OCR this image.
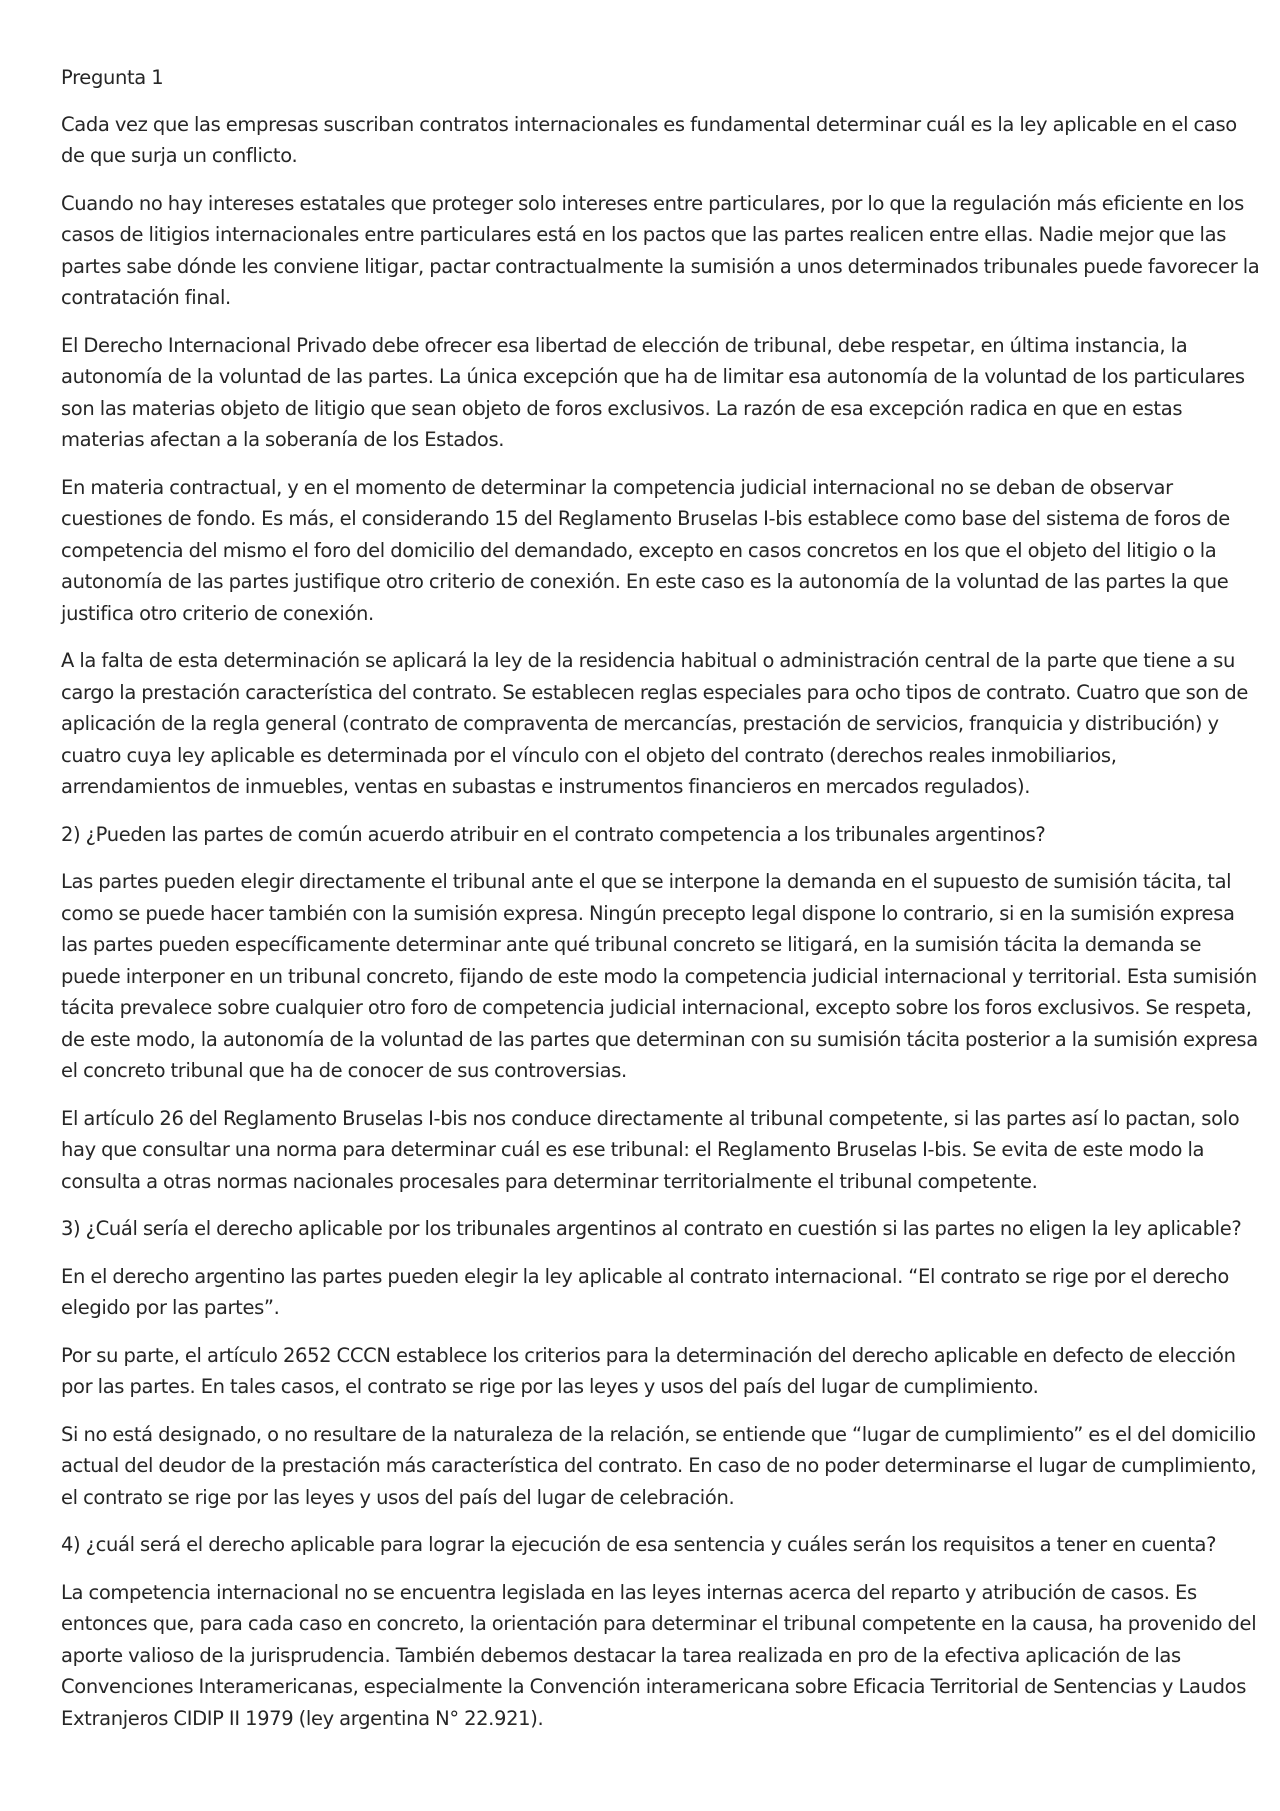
Pregunta 1

Cada vez que las empresas suscriban contratos internacionales es fundamental determinar cuál es la ley aplicable en el caso de que surja un conflicto.

Cuando no hay intereses estatales que proteger solo intereses entre particulares, por lo que la regulación más eficiente en los casos de litigios internacionales entre particulares está en los pactos que las partes realicen entre ellas. Nadie mejor que las partes sabe dónde les conviene litigar, pactar contractualmente la sumisión a unos determinados tribunales puede favorecer la contratación final.

El Derecho Internacional Privado debe ofrecer esa libertad de elección de tribunal, debe respetar, en última instancia, la autonomía de la voluntad de las partes. La única excepción que ha de limitar esa autonomía de la voluntad de los particulares son las materias objeto de litigio que sean objeto de foros exclusivos. La razón de esa excepción radica en que en estas materias afectan a la soberanía de los Estados.

En materia contractual, y en el momento de determinar la competencia judicial internacional no se deban de observar cuestiones de fondo. Es más, el considerando 15 del Reglamento Bruselas I-bis establece como base del sistema de foros de competencia del mismo el foro del domicilio del demandado, excepto en casos concretos en los que el objeto del litigio o la autonomía de las partes justifique otro criterio de conexión. En este caso es la autonomía de la voluntad de las partes la que justifica otro criterio de conexión.

A la falta de esta determinación se aplicará la ley de la residencia habitual o administración central de la parte que tiene a su cargo la prestación característica del contrato. Se establecen reglas especiales para ocho tipos de contrato. Cuatro que son de aplicación de la regla general (contrato de compraventa de mercancías, prestación de servicios, franquicia y distribución) y cuatro cuya ley aplicable es determinada por el vínculo con el objeto del contrato (derechos reales inmobiliarios, arrendamientos de inmuebles, ventas en subastas e instrumentos financieros en mercados regulados).

2) ¿Pueden las partes de común acuerdo atribuir en el contrato competencia a los tribunales argentinos?

Las partes pueden elegir directamente el tribunal ante el que se interpone la demanda en el supuesto de sumisión tácita, tal como se puede hacer también con la sumisión expresa. Ningún precepto legal dispone lo contrario, si en la sumisión expresa las partes pueden específicamente determinar ante qué tribunal concreto se litigará, en la sumisión tácita la demanda se puede interponer en un tribunal concreto, fijando de este modo la competencia judicial internacional y territorial. Esta sumisión tácita prevalece sobre cualquier otro foro de competencia judicial internacional, excepto sobre los foros exclusivos. Se respeta, de este modo, la autonomía de la voluntad de las partes que determinan con su sumisión tácita posterior a la sumisión expresa el concreto tribunal que ha de conocer de sus controversias.

El artículo 26 del Reglamento Bruselas I-bis nos conduce directamente al tribunal competente, si las partes así lo pactan, solo hay que consultar una norma para determinar cuál es ese tribunal: el Reglamento Bruselas I-bis. Se evita de este modo la consulta a otras normas nacionales procesales para determinar territorialmente el tribunal competente.

3) ¿Cuál sería el derecho aplicable por los tribunales argentinos al contrato en cuestión si las partes no eligen la ley aplicable?

En el derecho argentino las partes pueden elegir la ley aplicable al contrato internacional. “El contrato se rige por el derecho elegido por las partes”.

Por su parte, el artículo 2652 CCCN establece los criterios para la determinación del derecho aplicable en defecto de elección por las partes. En tales casos, el contrato se rige por las leyes y usos del país del lugar de cumplimiento.

Si no está designado, o no resultare de la naturaleza de la relación, se entiende que “lugar de cumplimiento” es el del domicilio actual del deudor de la prestación más característica del contrato. En caso de no poder determinarse el lugar de cumplimiento, el contrato se rige por las leyes y usos del país del lugar de celebración.

4) ¿cuál será el derecho aplicable para lograr la ejecución de esa sentencia y cuáles serán los requisitos a tener en cuenta?

La competencia internacional no se encuentra legislada en las leyes internas acerca del reparto y atribución de casos. Es entonces que, para cada caso en concreto, la orientación para determinar el tribunal competente en la causa, ha provenido del aporte valioso de la jurisprudencia. También debemos destacar la tarea realizada en pro de la efectiva aplicación de las Convenciones Interamericanas, especialmente la Convención interamericana sobre Eficacia Territorial de Sentencias y Laudos Extranjeros CIDIP II 1979 (ley argentina N° 22.921).
